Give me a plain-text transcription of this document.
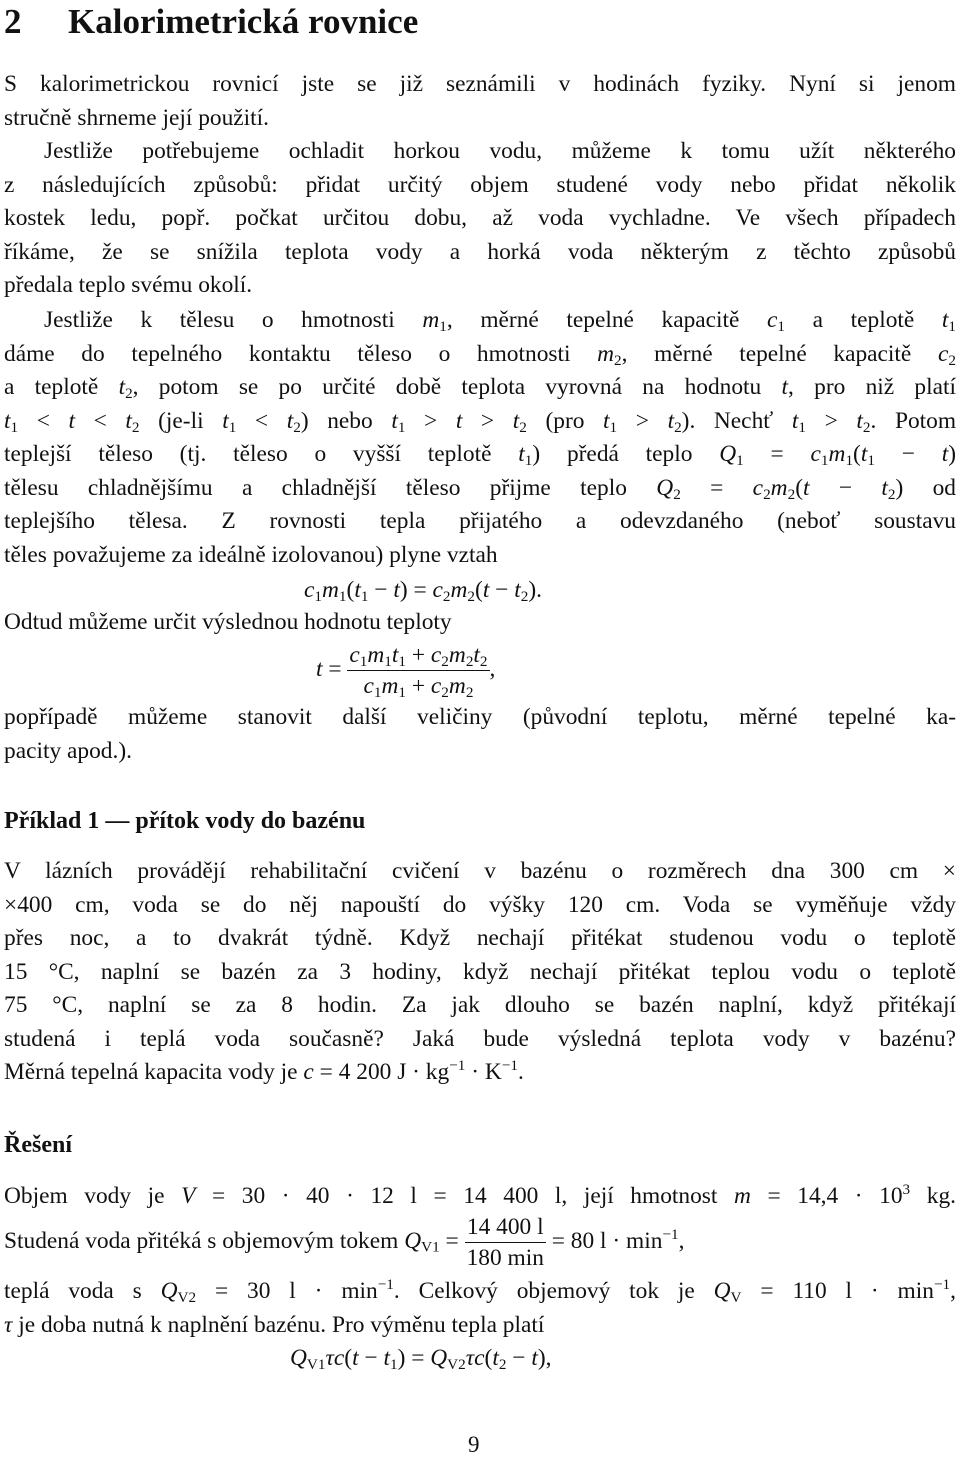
2 Kalorimetrická rovnice
S kalorimetrickou rovnicí jste se již seznámili v hodinách fyziky. Nyní si jenom
stručně shrneme její použití.
Jestliže potřebujeme ochladit horkou vodu, můžeme k tomu užít některého
z následujících způsobů: přidat určitý objem studené vody nebo přidat několik
kostek ledu, popř. počkat určitou dobu, až voda vychladne. Ve všech případech
říkáme, že se snížila teplota vody a horká voda některým z těchto způsobů
předala teplo svému okolí.
Jestliže k tělesu o hmotnosti $m_1$, měrné tepelné kapacitě $c_1$ a teplotě $t_1$
dáme do tepelného kontaktu těleso o hmotnosti $m_2$, měrné tepelné kapacitě $c_2$
a teplotě $t_2$, potom se po určité době teplota vyrovná na hodnotu t, pro niž platí
$t_1 < t < t_2$ (je-li $t_1 < t_2$) nebo $t_1 > t > t_2$ (pro $t_1 > t_2$). Nechť $t_1 > t_2$. Potom
teplejší těleso (tj. těleso o vyšší teplotě $t_1$) předá teplo $Q_1 = c_1m_1(t_1 - t)$
tělesu chladnějšímu a chladnější těleso přijme teplo $Q_2 = c_2m_2(t - t_2)$ od
teplejšího tělesa. Z rovnosti tepla přijatého a odevzdaného (neboť soustavu
těles považujeme za ideálně izolovanou) plyne vztah
$c_1m_1(t_1 - t) = c_2m_2(t - t_2)$.
Odtud můžeme určit výslednou hodnotu teploty
$t = \frac{c_1m_1t_1 + c_2m_2t_2}{c_1m_1 + c_2m_2}$ ,
popřípadě můžeme stanovit další veličiny (původní teplotu, měrné tepelné ka-
pacity apod.).
Příklad 1 — přítok vody do bazénu
V lázních provádějí rehabilitační cvičení v bazénu o rozměrech dna 300 cm ×
×400 cm, voda se do něj napouští do výšky 120 cm. Voda se vyměňuje vždy
přes noc, a to dvakrát týdně. Když nechají přitékat studenou vodu o teplotě
15 °C, naplní se bazén za 3 hodiny, když nechají přitékat teplou vodu o teplotě
75 °C, naplní se za 8 hodin. Za jak dlouho se bazén naplní, když přitékají
studená i teplá voda současně? Jaká bude výsledná teplota vody v bazénu?
Měrná tepelná kapacita vody je c = 4 200 $J \cdot kg^{-1} \cdot K^{-1}$.
Řešení
Objem vody je V = 30 · 40 · 12 l = 14 400 l, její hmotnost $m = 14,4 \cdot 10^3$ kg.
Studená voda přitéká s objemovým tokem $Q_{V1} = \frac{14 400 l}{180 \min} = 80$ $l \cdot \min^{-1}$,
teplá voda s $Q_{V2} = 30$ $l \cdot \min^{-1}$. Celkový objemový tok je $Q_V = 110$ $l \cdot \min^{-1}$,
τ je doba nutná k naplnění bazénu. Pro výměnu tepla platí
$Q_{V1}\tau c(t - t_1) = Q_{V2}\tau c(t_2 - t)$,
9
